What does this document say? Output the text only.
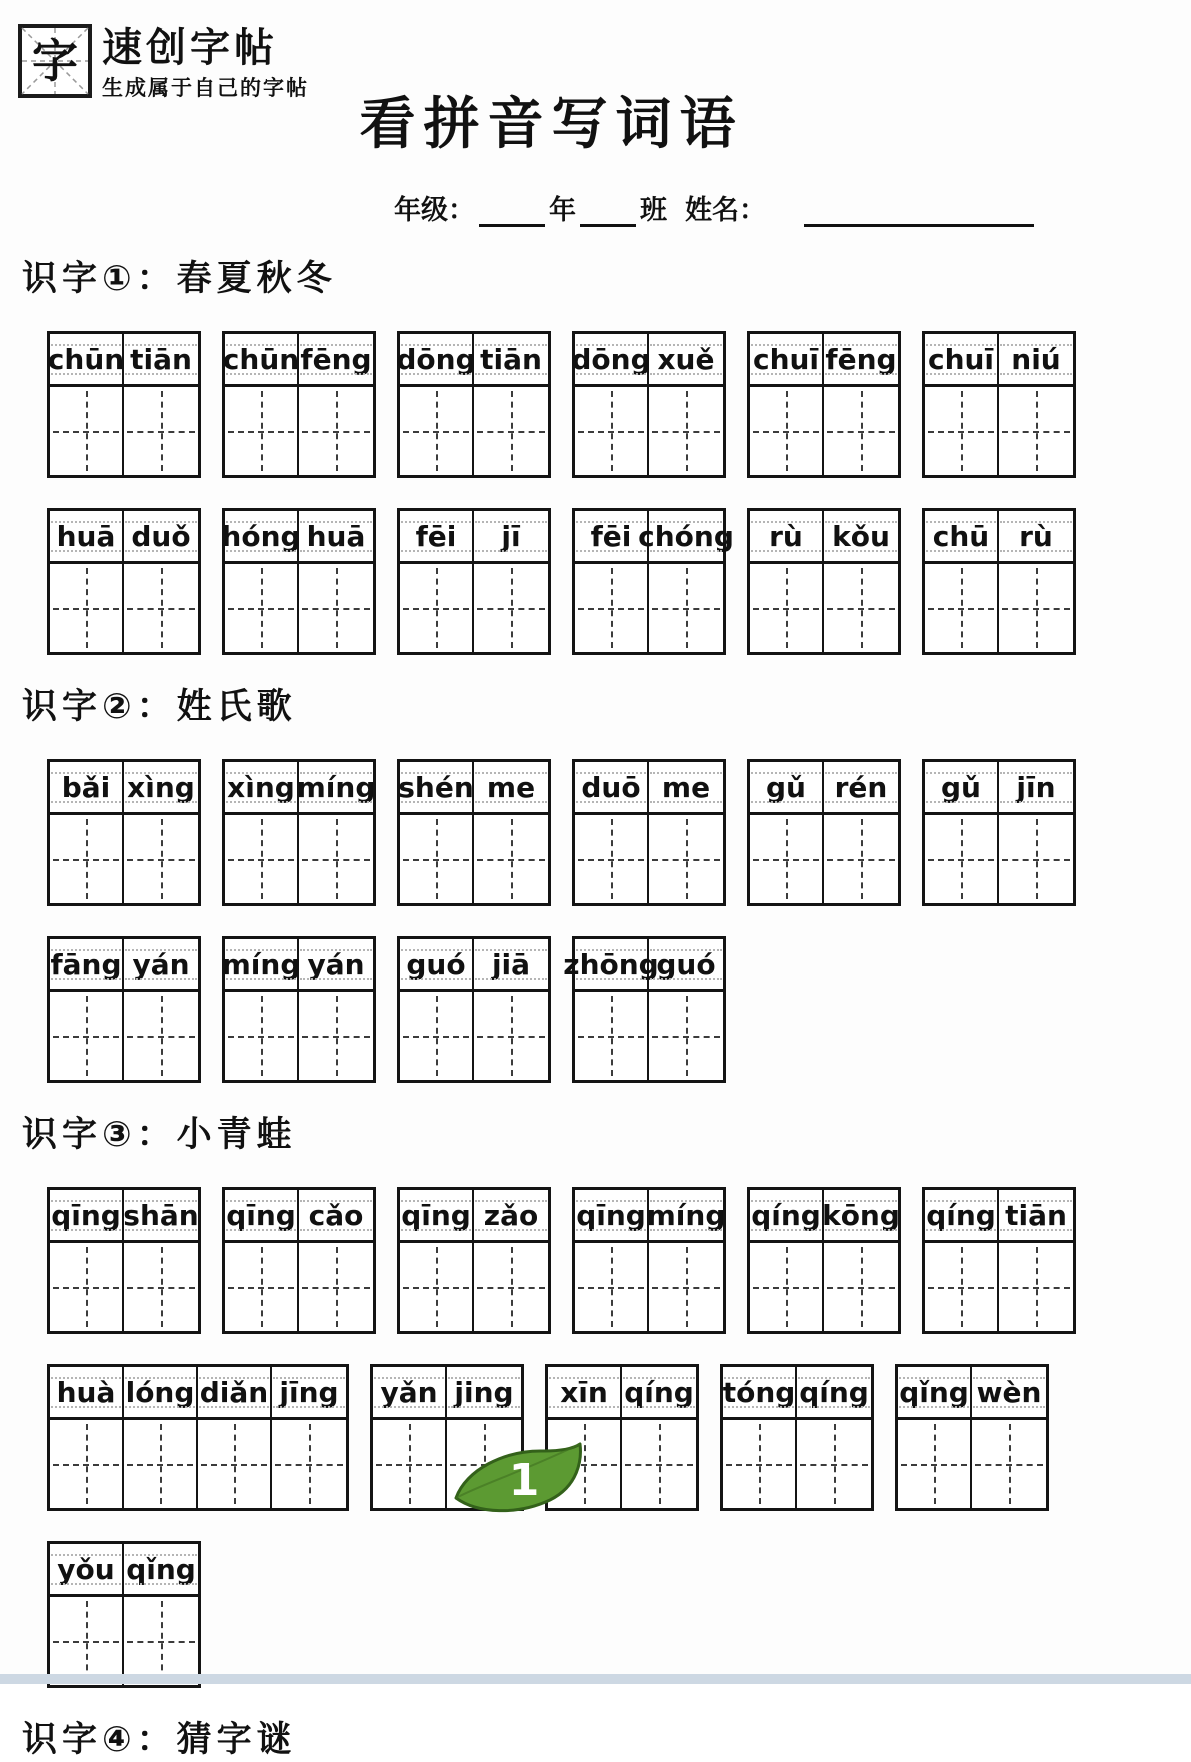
字 速创字帖
生成属于自己的字帖
看拼音写词语
年级：	年 班 姓名：
识字①：春夏秋冬
chūn tiān chūn fēng dōng tiān dōng xuě chuī fēng chuī niú
huā duǒ hóng huā fēi jī	fēi chóng rù kǒu chū rù
识字②：姓氏歌
bǎi xìng xìng míng shén me duō me gǔ rén gǔ jīn
fāng yán míng yán guó jiā zhōng
guó
识字③：小青蛙
qīng shān qīng cǎo qīng zǎo qīng míng qíng kōng qíng tiān
huà lóng diǎn jīng yǎn jing xīn qíng tóng qíng qǐng wèn
yǒu qǐng
识字④：猜字谜
1
